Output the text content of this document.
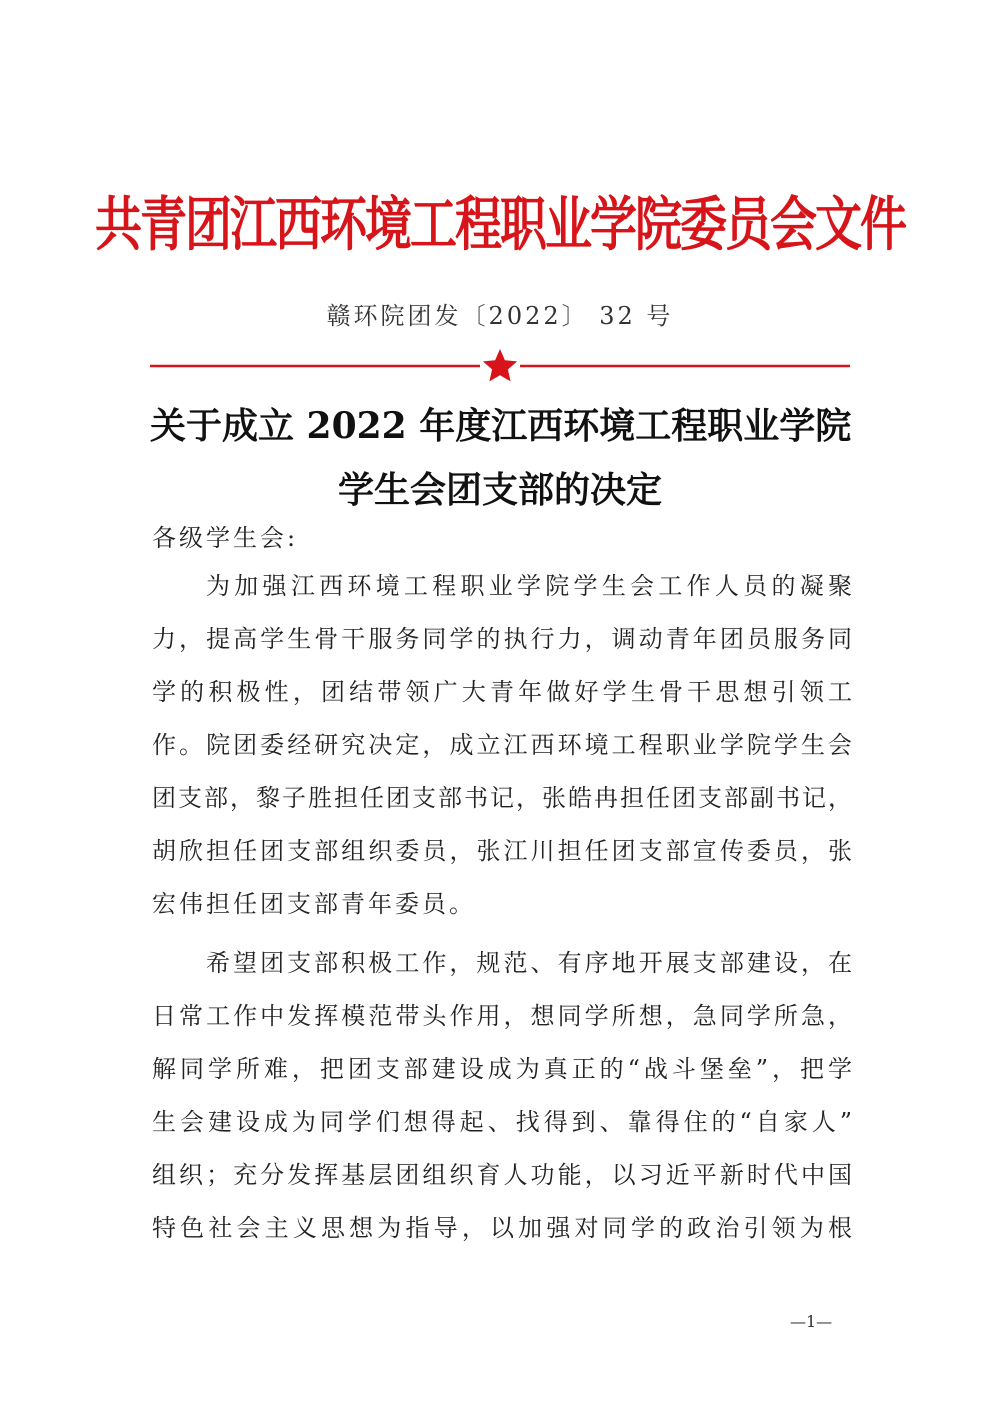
共青团江西环境工程职业学院委员会文件
赣环院团发〔2022〕 32 号
关于成立 2022 年度江西环境工程职业学院
学生会团支部的决定
各级学生会:
为加强江西环境工程职业学院学生会工作人员的凝聚
力，提高学生骨干服务同学的执行力，调动青年团员服务同
学的积极性，团结带领广大青年做好学生骨干思想引领工
作。院团委经研究决定，成立江西环境工程职业学院学生会
团支部，黎子胜担任团支部书记，张皓冉担任团支部副书记，
胡欣担任团支部组织委员，张江川担任团支部宣传委员，张
宏伟担任团支部青年委员。
希望团支部积极工作，规范、有序地开展支部建设，在
日常工作中发挥模范带头作用，想同学所想，急同学所急，
解同学所难，把团支部建设成为真正的“战斗堡垒”，把学
生会建设成为同学们想得起、找得到、靠得住的“自家人”
组织；充分发挥基层团组织育人功能，以习近平新时代中国
特色社会主义思想为指导，以加强对同学的政治引领为根
—1—
